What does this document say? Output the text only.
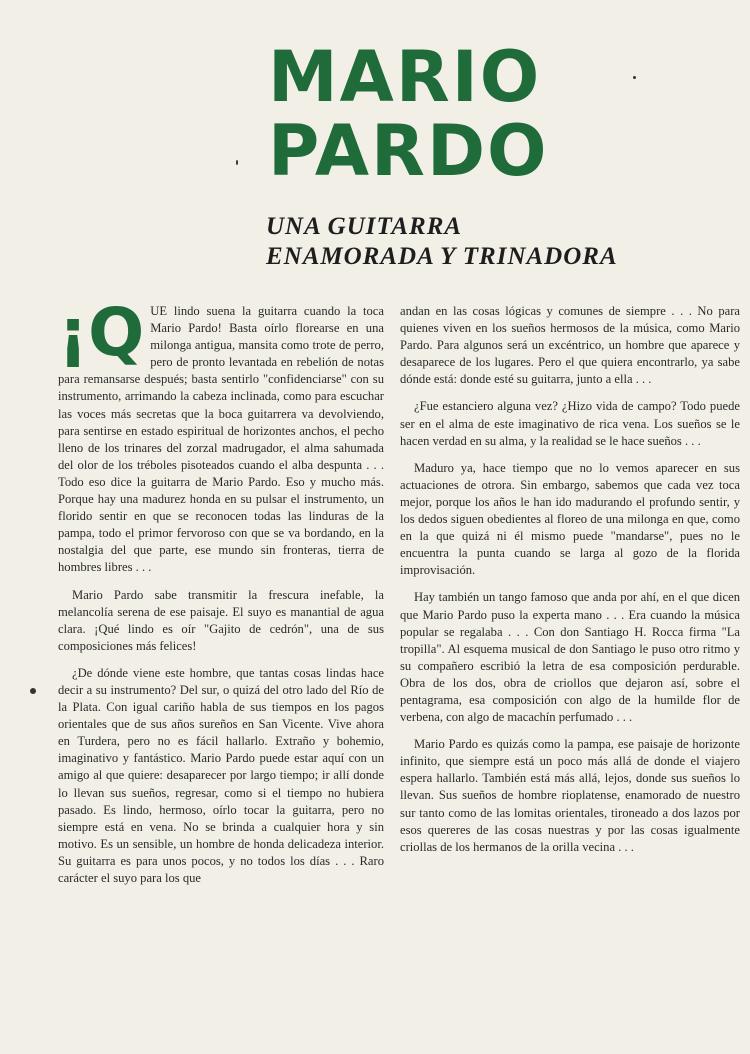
MARIO
PARDO
UNA GUITARRA
ENAMORADA Y TRINADORA

¡Q UE lindo suena la guitarra cuando la toca Mario Pardo! Basta oírlo florearse en una milonga antigua, mansita como trote de perro, pero de pronto levantada en rebelión de notas para remansarse después; basta sentirlo "confidenciarse" con su instrumento, arrimando la cabeza inclinada, como para escuchar las voces más secretas que la boca guitarrera va devolviendo, para sentirse en estado espiritual de horizontes anchos, el pecho lleno de los trinares del zorzal madrugador, el alma sahumada del olor de los tréboles pisoteados cuando el alba despunta . . . Todo eso dice la guitarra de Mario Pardo. Eso y mucho más. Porque hay una madurez honda en su pulsar el instrumento, un florido sentir en que se reconocen todas las linduras de la pampa, todo el primor fervoroso con que se va bordando, en la nostalgia del que parte, ese mundo sin fronteras, tierra de hombres libres . . .

Mario Pardo sabe transmitir la frescura inefable, la melancolía serena de ese paisaje. El suyo es manantial de agua clara. ¡Qué lindo es oír "Gajito de cedrón", una de sus composiciones más felices!

¿De dónde viene este hombre, que tantas cosas lindas hace decir a su instrumento? Del sur, o quizá del otro lado del Río de la Plata. Con igual cariño habla de sus tiempos en los pagos orientales que de sus años sureños en San Vicente. Vive ahora en Turdera, pero no es fácil hallarlo. Extraño y bohemio, imaginativo y fantástico. Mario Pardo puede estar aquí con un amigo al que quiere: desaparecer por largo tiempo; ir allí donde lo llevan sus sueños, regresar, como si el tiempo no hubiera pasado. Es lindo, hermoso, oírlo tocar la guitarra, pero no siempre está en vena. No se brinda a cualquier hora y sin motivo. Es un sensible, un hombre de honda delicadeza interior. Su guitarra es para unos pocos, y no todos los días . . . Raro carácter el suyo para los que

andan en las cosas lógicas y comunes de siempre . . . No para quienes viven en los sueños hermosos de la música, como Mario Pardo. Para algunos será un excéntrico, un hombre que aparece y desaparece de los lugares. Pero el que quiera encontrarlo, ya sabe dónde está: donde esté su guitarra, junto a ella . . .

¿Fue estanciero alguna vez? ¿Hizo vida de campo? Todo puede ser en el alma de este imaginativo de rica vena. Los sueños se le hacen verdad en su alma, y la realidad se le hace sueños . . .

Maduro ya, hace tiempo que no lo vemos aparecer en sus actuaciones de otrora. Sin embargo, sabemos que cada vez toca mejor, porque los años le han ido madurando el profundo sentir, y los dedos siguen obedientes al floreo de una milonga en que, como en la que quizá ni él mismo puede "mandarse", pues no le encuentra la punta cuando se larga al gozo de la florida improvisación.

Hay también un tango famoso que anda por ahí, en el que dicen que Mario Pardo puso la experta mano . . . Era cuando la música popular se regalaba . . . Con don Santiago H. Rocca firma "La tropilla". Al esquema musical de don Santiago le puso otro ritmo y su compañero escribió la letra de esa composición perdurable. Obra de los dos, obra de criollos que dejaron así, sobre el pentagrama, esa composición con algo de la humilde flor de verbena, con algo de macachín perfumado . . .

Mario Pardo es quizás como la pampa, ese paisaje de horizonte infinito, que siempre está un poco más allá de donde el viajero espera hallarlo. También está más allá, lejos, donde sus sueños lo llevan. Sus sueños de hombre rioplatense, enamorado de nuestro sur tanto como de las lomitas orientales, tironeado a dos lazos por esos quereres de las cosas nuestras y por las cosas igualmente criollas de los hermanos de la orilla vecina . . .
